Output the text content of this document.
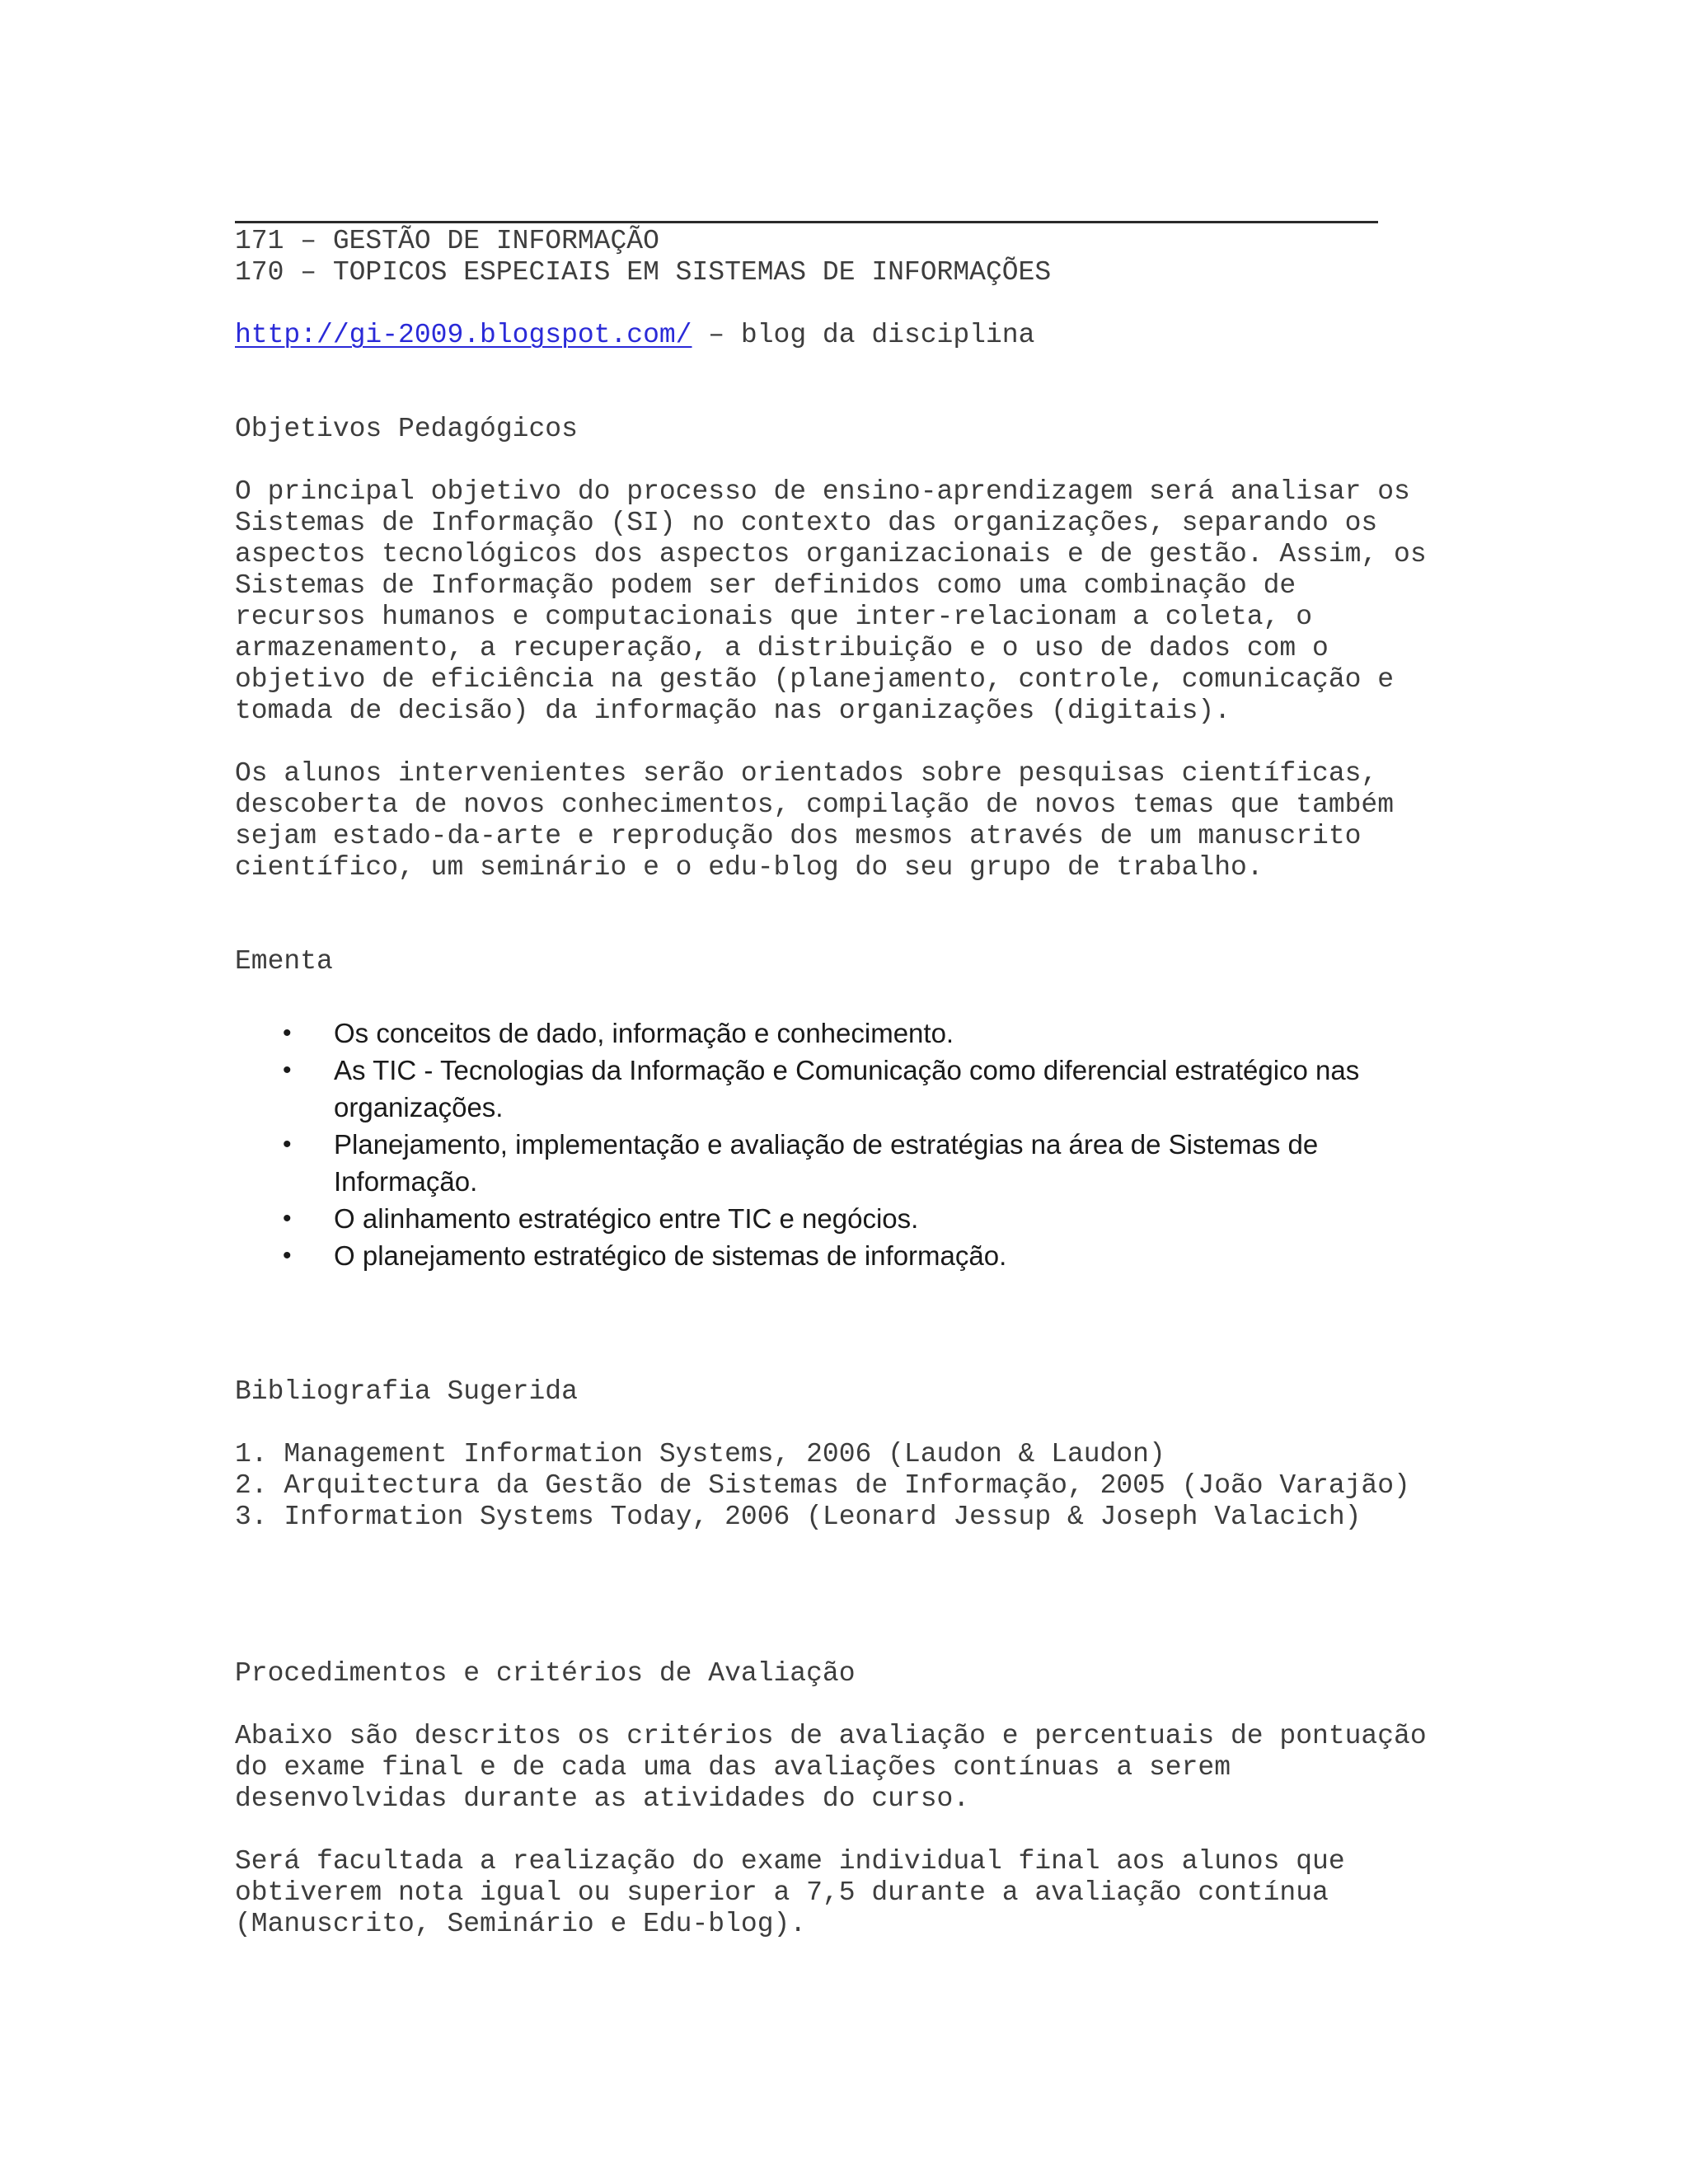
171 – GESTÃO DE INFORMAÇÃO
170 – TOPICOS ESPECIAIS EM SISTEMAS DE INFORMAÇÕES
http://gi-2009.blogspot.com/ – blog da disciplina
Objetivos Pedagógicos
O principal objetivo do processo de ensino-aprendizagem será analisar os
Sistemas de Informação (SI) no contexto das organizações, separando os
aspectos tecnológicos dos aspectos organizacionais e de gestão. Assim, os
Sistemas de Informação podem ser definidos como uma combinação de
recursos humanos e computacionais que inter-relacionam a coleta, o
armazenamento, a recuperação, a distribuição e o uso de dados com o
objetivo de eficiência na gestão (planejamento, controle, comunicação e
tomada de decisão) da informação nas organizações (digitais).
Os alunos intervenientes serão orientados sobre pesquisas científicas,
descoberta de novos conhecimentos, compilação de novos temas que também
sejam estado-da-arte e reprodução dos mesmos através de um manuscrito
científico, um seminário e o edu-blog do seu grupo de trabalho.
Ementa
• Os conceitos de dado, informação e conhecimento.
• As TIC - Tecnologias da Informação e Comunicação como diferencial estratégico nas
organizações.
• Planejamento, implementação e avaliação de estratégias na área de Sistemas de
Informação.
• O alinhamento estratégico entre TIC e negócios.
• O planejamento estratégico de sistemas de informação.
Bibliografia Sugerida
1. Management Information Systems, 2006 (Laudon & Laudon)
2. Arquitectura da Gestão de Sistemas de Informação, 2005 (João Varajão)
3. Information Systems Today, 2006 (Leonard Jessup & Joseph Valacich)
Procedimentos e critérios de Avaliação
Abaixo são descritos os critérios de avaliação e percentuais de pontuação
do exame final e de cada uma das avaliações contínuas a serem
desenvolvidas durante as atividades do curso.
Será facultada a realização do exame individual final aos alunos que
obtiverem nota igual ou superior a 7,5 durante a avaliação contínua
(Manuscrito, Seminário e Edu-blog).
